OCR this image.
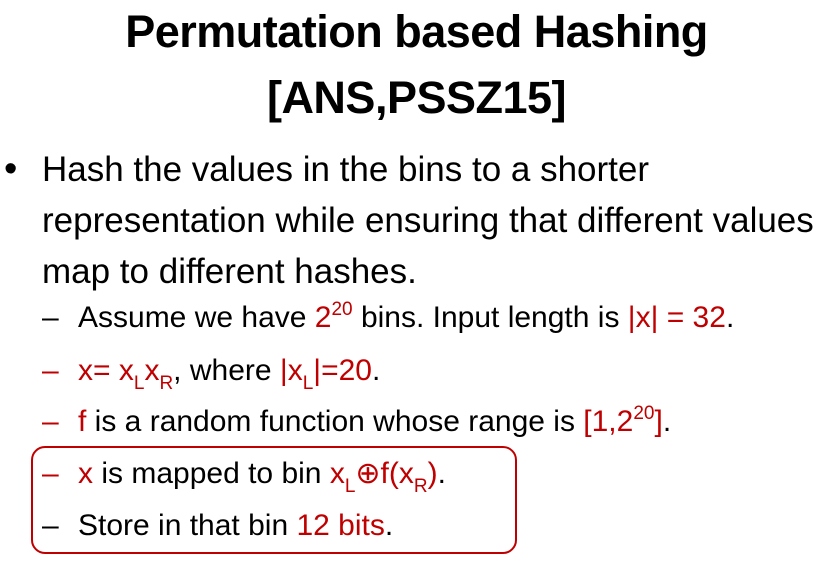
Permutation based Hashing
[ANS,PSSZ15]
• Hash the values in the bins to a shorter representation while ensuring that different values map to different hashes.
– Assume we have $2^{20}$ bins. Input length is |x| = 32.
– $x= x_Lx_R$, where $|x_L|=20$.
– f is a random function whose range is $[1,2^{20}]$.
– x is mapped to bin $x_L\oplus f(x_R)$.
– Store in that bin 12 bits.
